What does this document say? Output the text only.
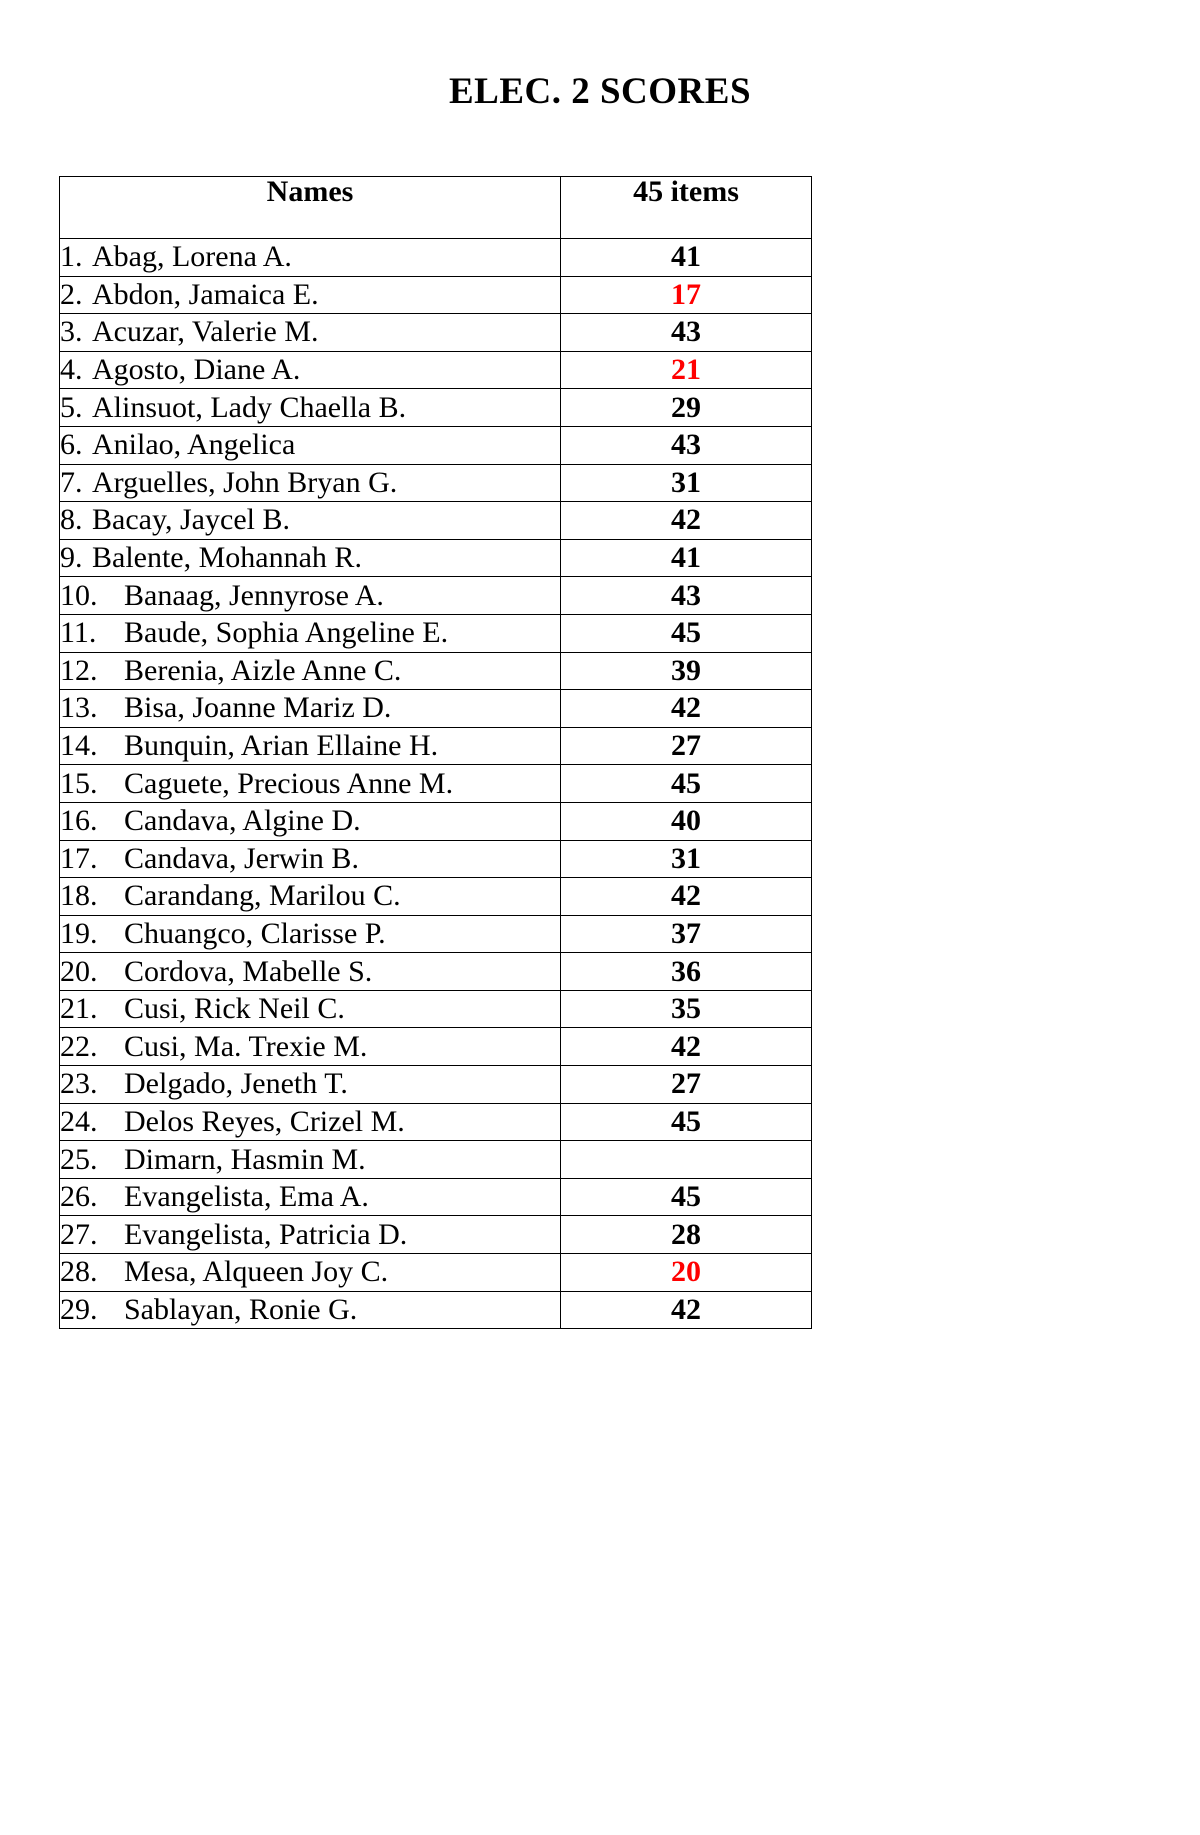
ELEC. 2 SCORES
Names	45 items
1. Abag, Lorena A.	41
2. Abdon, Jamaica E.	17
3. Acuzar, Valerie M.	43
4. Agosto, Diane A.	21
5. Alinsuot, Lady Chaella B.	29
6. Anilao, Angelica	43
7. Arguelles, John Bryan G.	31
8. Bacay, Jaycel B.	42
9. Balente, Mohannah R.	41
10. Banaag, Jennyrose A.	43
11. Baude, Sophia Angeline E.	45
12. Berenia, Aizle Anne C.	39
13. Bisa, Joanne Mariz D.	42
14. Bunquin, Arian Ellaine H.	27
15. Caguete, Precious Anne M.	45
16. Candava, Algine D.	40
17. Candava, Jerwin B.	31
18. Carandang, Marilou C.	42
19. Chuangco, Clarisse P.	37
20. Cordova, Mabelle S.	36
21. Cusi, Rick Neil C.	35
22. Cusi, Ma. Trexie M.	42
23. Delgado, Jeneth T.	27
24. Delos Reyes, Crizel M.	45
25. Dimarn, Hasmin M.	
26. Evangelista, Ema A.	45
27. Evangelista, Patricia D.	28
28. Mesa, Alqueen Joy C.	20
29. Sablayan, Ronie G.	42
